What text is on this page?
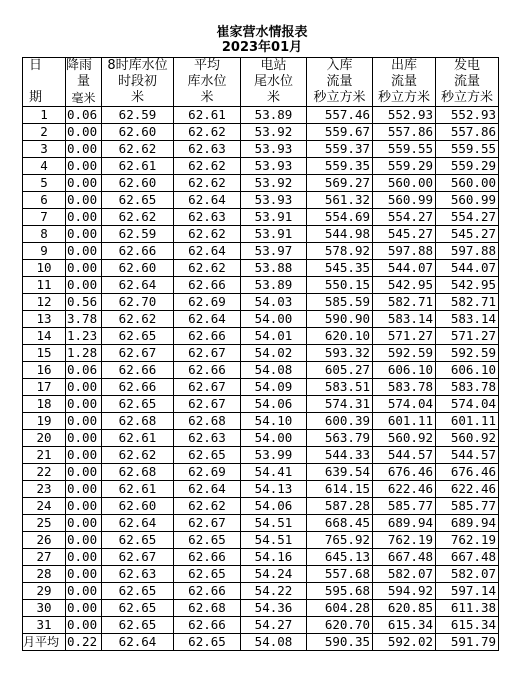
崔家营水情报表
2023年01月
日	降雨	8时库水位	平均	电站	入库	出库	发电
	量	时段初	库水位	尾水位	流量	流量	流量
期	毫米	米	米	米	秒立方米	秒立方米	秒立方米
1	0.06	62.59	62.61	53.89	557.46	552.93	552.93
2	0.00	62.60	62.62	53.92	559.67	557.86	557.86
3	0.00	62.62	62.63	53.93	559.37	559.55	559.55
4	0.00	62.61	62.62	53.93	559.35	559.29	559.29
5	0.00	62.60	62.62	53.92	569.27	560.00	560.00
6	0.00	62.65	62.64	53.93	561.32	560.99	560.99
7	0.00	62.62	62.63	53.91	554.69	554.27	554.27
8	0.00	62.59	62.62	53.91	544.98	545.27	545.27
9	0.00	62.66	62.64	53.97	578.92	597.88	597.88
10	0.00	62.60	62.62	53.88	545.35	544.07	544.07
11	0.00	62.64	62.66	53.89	550.15	542.95	542.95
12	0.56	62.70	62.69	54.03	585.59	582.71	582.71
13	3.78	62.62	62.64	54.00	590.90	583.14	583.14
14	1.23	62.65	62.66	54.01	620.10	571.27	571.27
15	1.28	62.67	62.67	54.02	593.32	592.59	592.59
16	0.06	62.66	62.66	54.08	605.27	606.10	606.10
17	0.00	62.66	62.67	54.09	583.51	583.78	583.78
18	0.00	62.65	62.67	54.06	574.31	574.04	574.04
19	0.00	62.68	62.68	54.10	600.39	601.11	601.11
20	0.00	62.61	62.63	54.00	563.79	560.92	560.92
21	0.00	62.62	62.65	53.99	544.33	544.57	544.57
22	0.00	62.68	62.69	54.41	639.54	676.46	676.46
23	0.00	62.61	62.64	54.13	614.15	622.46	622.46
24	0.00	62.60	62.62	54.06	587.28	585.77	585.77
25	0.00	62.64	62.67	54.51	668.45	689.94	689.94
26	0.00	62.65	62.65	54.51	765.92	762.19	762.19
27	0.00	62.67	62.66	54.16	645.13	667.48	667.48
28	0.00	62.63	62.65	54.24	557.68	582.07	582.07
29	0.00	62.65	62.66	54.22	595.68	594.92	597.14
30	0.00	62.65	62.68	54.36	604.28	620.85	611.38
31	0.00	62.65	62.66	54.27	620.70	615.34	615.34
月平均	0.22	62.64	62.65	54.08	590.35	592.02	591.79
